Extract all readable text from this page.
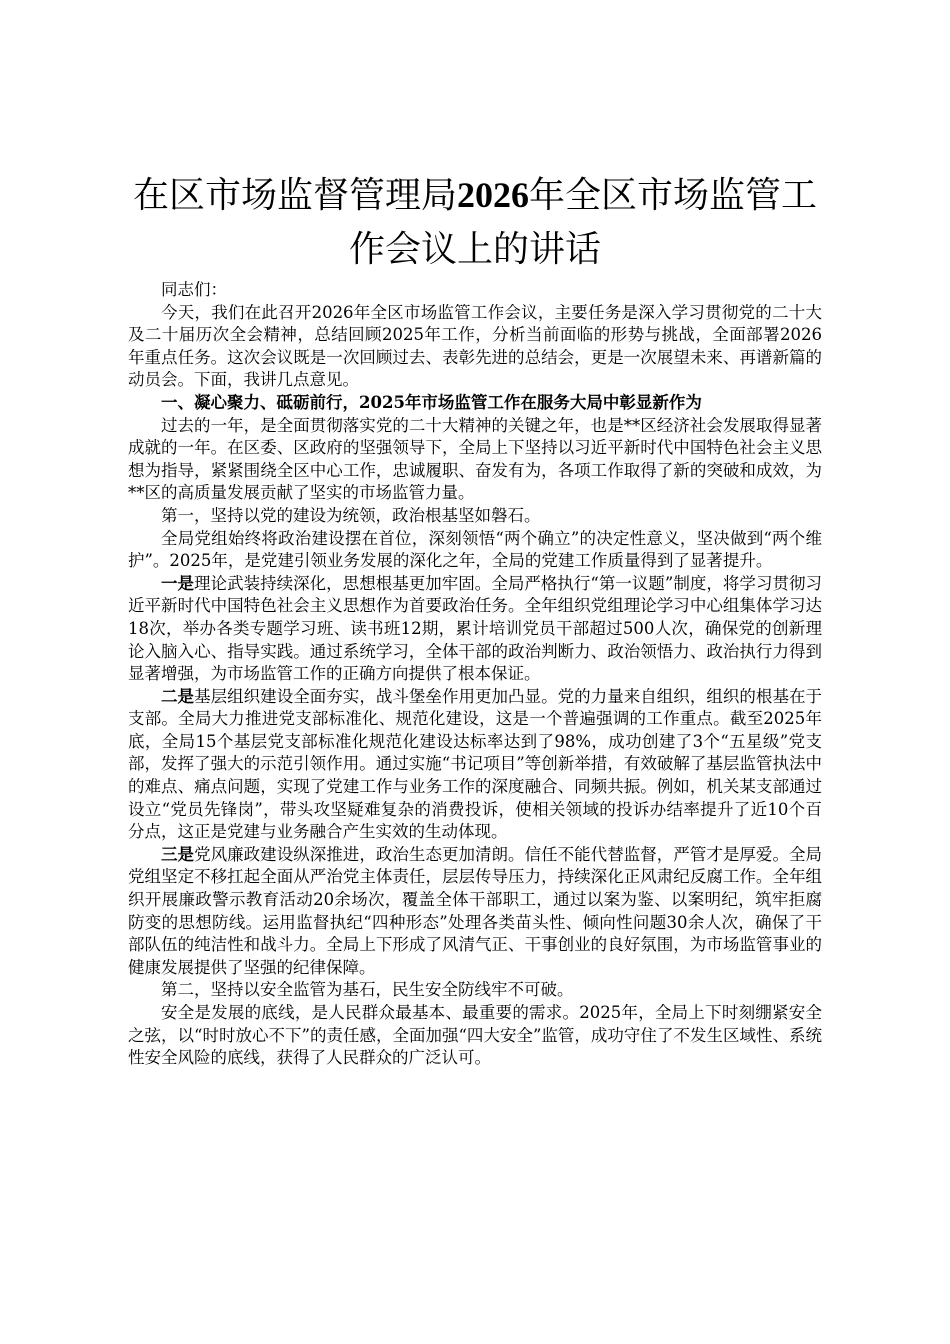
在区市场监督管理局2026年全区市场监管工作会议上的讲话

同志们：

今天，我们在此召开2026年全区市场监管工作会议，主要任务是深入学习贯彻党的二十大及二十届历次全会精神，总结回顾2025年工作，分析当前面临的形势与挑战，全面部署2026年重点任务。这次会议既是一次回顾过去、表彰先进的总结会，更是一次展望未来、再谱新篇的动员会。下面，我讲几点意见。

一、凝心聚力、砥砺前行，2025年市场监管工作在服务大局中彰显新作为

过去的一年，是全面贯彻落实党的二十大精神的关键之年，也是**区经济社会发展取得显著成就的一年。在区委、区政府的坚强领导下，全局上下坚持以习近平新时代中国特色社会主义思想为指导，紧紧围绕全区中心工作，忠诚履职、奋发有为，各项工作取得了新的突破和成效，为**区的高质量发展贡献了坚实的市场监管力量。

第一，坚持以党的建设为统领，政治根基坚如磐石。

全局党组始终将政治建设摆在首位，深刻领悟“两个确立”的决定性意义，坚决做到“两个维护”。2025年，是党建引领业务发展的深化之年，全局的党建工作质量得到了显著提升。

一是理论武装持续深化，思想根基更加牢固。全局严格执行“第一议题”制度，将学习贯彻习近平新时代中国特色社会主义思想作为首要政治任务。全年组织党组理论学习中心组集体学习达18次，举办各类专题学习班、读书班12期，累计培训党员干部超过500人次，确保党的创新理论入脑入心、指导实践。通过系统学习，全体干部的政治判断力、政治领悟力、政治执行力得到显著增强，为市场监管工作的正确方向提供了根本保证。

二是基层组织建设全面夯实，战斗堡垒作用更加凸显。党的力量来自组织，组织的根基在于支部。全局大力推进党支部标准化、规范化建设，这是一个普遍强调的工作重点。截至2025年底，全局15个基层党支部标准化规范化建设达标率达到了98%，成功创建了3个“五星级”党支部，发挥了强大的示范引领作用。通过实施“书记项目”等创新举措，有效破解了基层监管执法中的难点、痛点问题，实现了党建工作与业务工作的深度融合、同频共振。例如，机关某支部通过设立“党员先锋岗”，带头攻坚疑难复杂的消费投诉，使相关领域的投诉办结率提升了近10个百分点，这正是党建与业务融合产生实效的生动体现。

三是党风廉政建设纵深推进，政治生态更加清朗。信任不能代替监督，严管才是厚爱。全局党组坚定不移扛起全面从严治党主体责任，层层传导压力，持续深化正风肃纪反腐工作。全年组织开展廉政警示教育活动20余场次，覆盖全体干部职工，通过以案为鉴、以案明纪，筑牢拒腐防变的思想防线。运用监督执纪“四种形态”处理各类苗头性、倾向性问题30余人次，确保了干部队伍的纯洁性和战斗力。全局上下形成了风清气正、干事创业的良好氛围，为市场监管事业的健康发展提供了坚强的纪律保障。

第二，坚持以安全监管为基石，民生安全防线牢不可破。

安全是发展的底线，是人民群众最基本、最重要的需求。2025年，全局上下时刻绷紧安全之弦，以“时时放心不下”的责任感，全面加强“四大安全”监管，成功守住了不发生区域性、系统性安全风险的底线，获得了人民群众的广泛认可。
